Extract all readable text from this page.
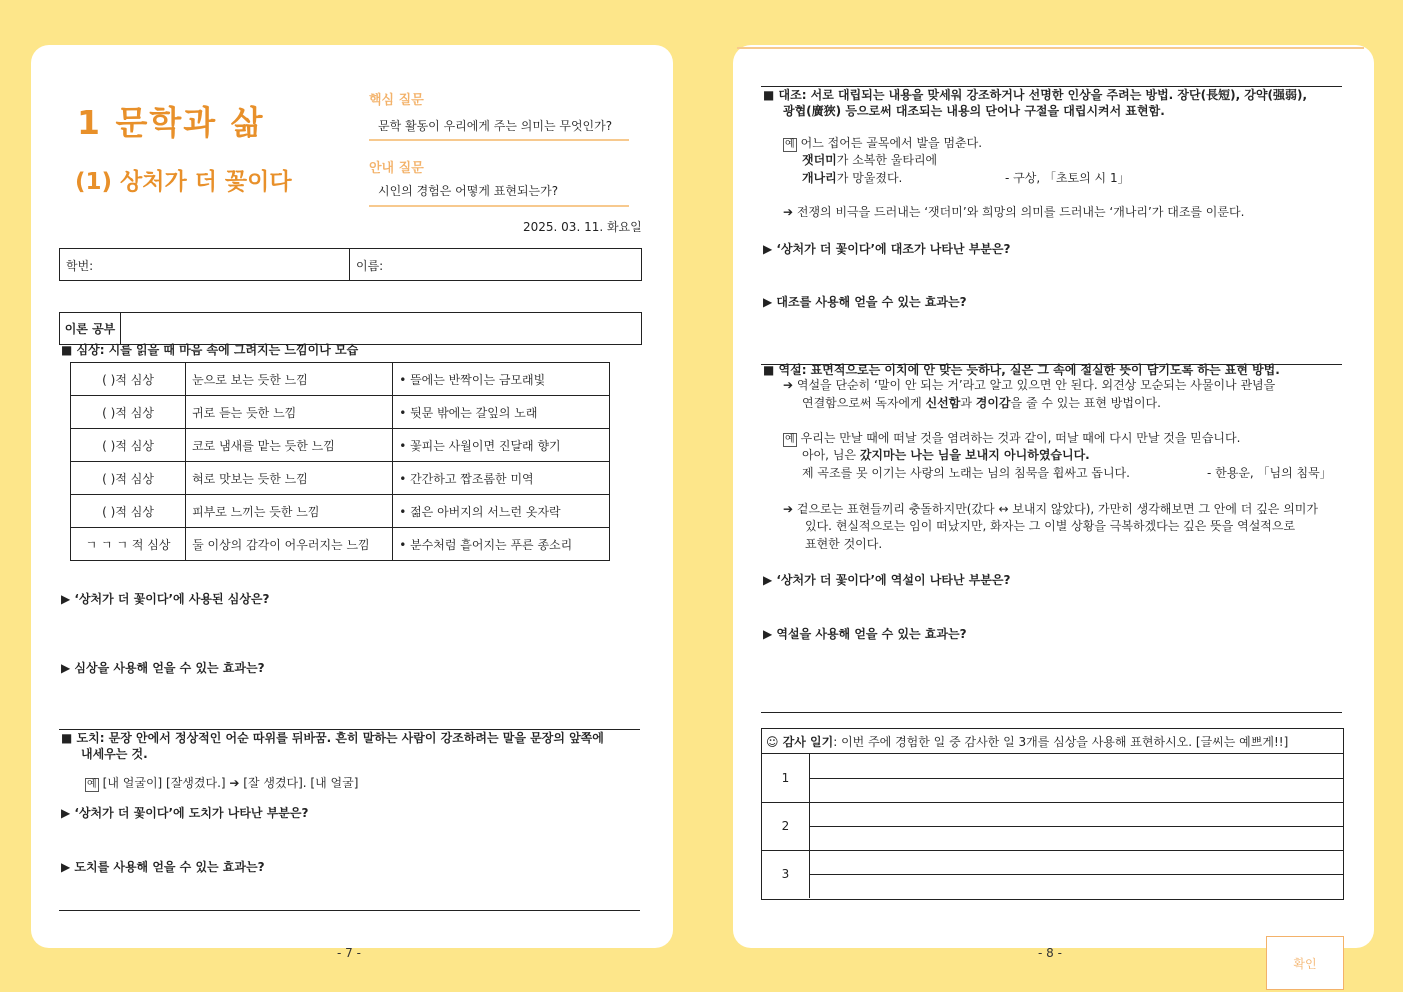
1 문학과 삶
(1) 상처가 더 꽃이다
핵심 질문
문학 활동이 우리에게 주는 의미는 무엇인가?
안내 질문
시인의 경험은 어떻게 표현되는가?
2025. 03. 11. 화요일
학번:	이름:
이론 공부
■ 심상: 시를 읽을 때 마음 속에 그려지는 느낌이나 모습
( )적 심상	눈으로 보는 듯한 느낌	• 뜰에는 반짝이는 금모래빛
( )적 심상	귀로 듣는 듯한 느낌	• 뒷문 밖에는 갈잎의 노래
( )적 심상	코로 냄새를 맡는 듯한 느낌	• 꽃피는 사월이면 진달래 향기
( )적 심상	혀로 맛보는 듯한 느낌	• 간간하고 짭조롬한 미역
( )적 심상	피부로 느끼는 듯한 느낌	• 젊은 아버지의 서느런 옷자락
ㄱ ㄱ ㄱ 적 심상	둘 이상의 감각이 어우러지는 느낌	• 분수처럼 흩어지는 푸른 종소리
▶ ‘상처가 더 꽃이다’에 사용된 심상은?
▶ 심상을 사용해 얻을 수 있는 효과는?
■ 도치: 문장 안에서 정상적인 어순 따위를 뒤바꿈. 흔히 말하는 사람이 강조하려는 말을 문장의 앞쪽에
내세우는 것.
예 [내 얼굴이] [잘생겼다.] ➔ [잘 생겼다]. [내 얼굴]
▶ ‘상처가 더 꽃이다’에 도치가 나타난 부분은?
▶ 도치를 사용해 얻을 수 있는 효과는?
- 7 -
■ 대조: 서로 대립되는 내용을 맞세워 강조하거나 선명한 인상을 주려는 방법. 장단(長短), 강약(强弱),
광협(廣狹) 등으로써 대조되는 내용의 단어나 구절을 대립시켜서 표현함.
예 어느 접어든 골목에서 발을 멈춘다.
잿더미가 소복한 울타리에
개나리가 망울졌다.	- 구상, 「초토의 시 1」
➔ 전쟁의 비극을 드러내는 ‘잿더미’와 희망의 의미를 드러내는 ‘개나리’가 대조를 이룬다.
▶ ‘상처가 더 꽃이다’에 대조가 나타난 부분은?
▶ 대조를 사용해 얻을 수 있는 효과는?
■ 역설: 표면적으로는 이치에 안 맞는 듯하나, 실은 그 속에 절실한 뜻이 담기도록 하는 표현 방법.
➔ 역설을 단순히 ‘말이 안 되는 거’라고 알고 있으면 안 된다. 외견상 모순되는 사물이나 관념을
연결함으로써 독자에게 신선함과 경이감을 줄 수 있는 표현 방법이다.
예 우리는 만날 때에 떠날 것을 염려하는 것과 같이, 떠날 때에 다시 만날 것을 믿습니다.
아아, 님은 갔지마는 나는 님을 보내지 아니하였습니다.
제 곡조를 못 이기는 사랑의 노래는 님의 침묵을 휩싸고 돕니다.	- 한용운, 「님의 침묵」
➔ 겉으로는 표현들끼리 충돌하지만(갔다 ↔ 보내지 않았다), 가만히 생각해보면 그 안에 더 깊은 의미가
있다. 현실적으로는 임이 떠났지만, 화자는 그 이별 상황을 극복하겠다는 깊은 뜻을 역설적으로
표현한 것이다.
▶ ‘상처가 더 꽃이다’에 역설이 나타난 부분은?
▶ 역설을 사용해 얻을 수 있는 효과는?
☺ 감사 일기: 이번 주에 경험한 일 중 감사한 일 3개를 심상을 사용해 표현하시오. [글씨는 예쁘게!!]
1
2
3
- 8 -
확인
